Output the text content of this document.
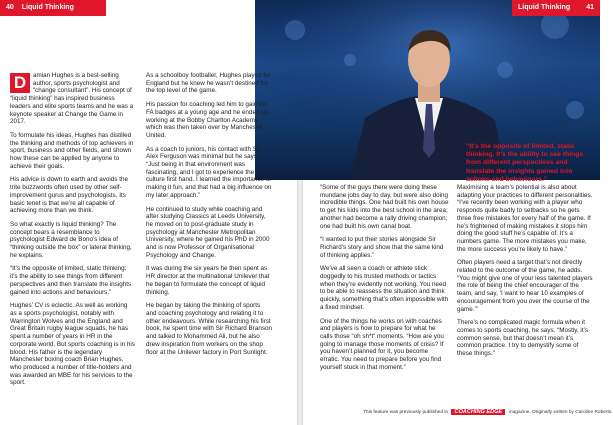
40 Liquid Thinking	Liquid Thinking 41

D	amian Hughes is a best-selling author, sports psychologist and “change consultant”. His concept of “liquid thinking” has inspired business leaders and elite sports teams and he was a keynote speaker at Change the Game in 2017.

To formulate his ideas, Hughes has distilled the thinking and methods of top achievers in sport, business and other fields, and shown how these can be applied by anyone to achieve their goals.

His advice is down to earth and avoids the trite buzzwords often used by other self-improvement gurus and psychologists. Its basic tenet is that we’re all capable of achieving more than we think.

So what exactly is liquid thinking? The concept bears a resemblance to psychologist Edward de Bono’s idea of “thinking outside the box” or lateral thinking, he explains.

“It’s the opposite of limited, static thinking; it’s the ability to see things from different perspectives and then translate the insights gained into actions and behaviours.”

Hughes’ CV is eclectic. As well as working as a sports psychologist, notably with Warrington Wolves and the England and Great Britain rugby league squads, he has spent a number of years in HR in the corporate world. But sports coaching is in his blood. His father is the legendary Manchester boxing coach Brian Hughes, who produced a number of title-holders and was awarded an MBE for his services to the sport.

As a schoolboy footballer, Hughes played for England but he knew he wasn’t destined for the top level of the game.

His passion for coaching led him to gain his FA badges at a young age and he ended up working at the Bobby Charlton Academy, which was then taken over by Manchester United.

As a coach to juniors, his contact with Sir Alex Ferguson was minimal but he says: “Just being in that environment was fascinating, and I got to experience the culture first hand. I learned the importance of making it fun, and that had a big influence on my later approach.”

He continued to study while coaching and after studying Classics at Leeds University, he moved on to post-graduate study in psychology at Manchester Metropolitan University, where he gained his PhD in 2000 and is now Professor of Organisational Psychology and Change.

It was during the six years he then spent as HR director at the multinational Unilever that he began to formulate the concept of liquid thinking.

He began by taking the thinking of sports and coaching psychology and relating it to other endeavours. While researching his first book, he spent time with Sir Richard Branson and talked to Mohammed Ali, but he also drew inspiration from workers on the shop floor at the Unilever factory in Port Sunlight.

“It’s the opposite of limited, static thinking. It’s the ability to see things from different perspectives and translate the insights gained into actions and behaviours.”

“Some of the guys there were doing these mundane jobs day to day, but were also doing incredible things. One had built his own house to get his kids into the best school in the area; another had become a rally driving champion; one had built his own canal boat.

“I wanted to put their stories alongside Sir Richard’s story and show that the same kind of thinking applies.”

We’ve all seen a coach or athlete stick doggedly to his trusted methods or tactics when they’re evidently not working. You need to be able to reassess the situation and think quickly, something that’s often impossible with a fixed mindset.

One of the things he works on with coaches and players is how to prepare for what he calls those “oh sh*t” moments. “How are you going to manage those moments of crisis? If you haven’t planned for it, you become erratic. You need to prepare before you find yourself stuck in that moment.”

Maximising a team’s potential is also about adapting your practices to different personalities. “I’ve recently been working with a player who responds quite badly to setbacks so he gets three free mistakes for every half of the game. If he’s frightened of making mistakes it stops him doing the good stuff he’s capable of. It’s a numbers game. The more mistakes you make, the more success you’re likely to have.”

Often players need a target that’s not directly related to the outcome of the game, he adds. “You might give one of your less talented players the role of being the chief encourager of the team, and say, ‘I want to hear 10 examples of encouragement from you over the course of the game.’”

There’s no complicated magic formula when it comes to sports coaching, he says. “Mostly, it’s common sense, but that doesn’t mean it’s common practice. I try to demystify some of these things.”

This feature was previously published in COACHING EDGE magazine. Originally written by Caroline Roberts.
